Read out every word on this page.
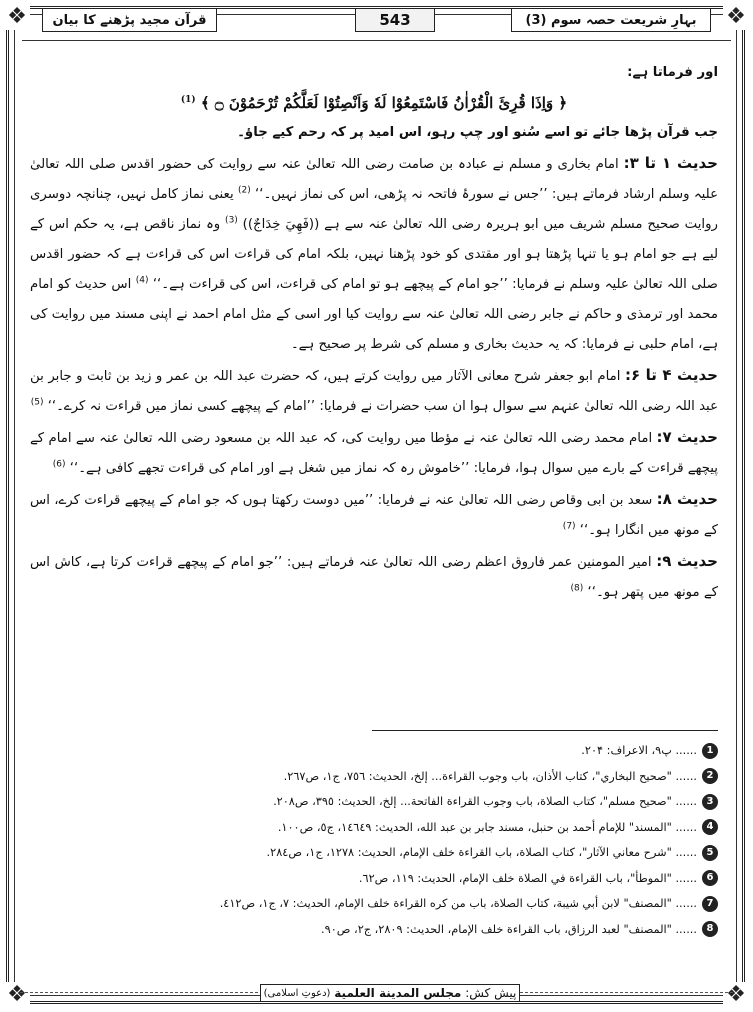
❖	❖
❖	❖
بہارِ شریعت حصہ سوم (3)
543
قرآن مجید پڑھنے کا بیان

اور فرماتا ہے:

﴿ وَاِذَا قُرِئَ الْقُرْاٰنُ فَاسْتَمِعُوْا لَهٗ وَاَنْصِتُوْا لَعَلَّكُمْ تُرْحَمُوْنَ ۝ ﴾ $^{(1)}$

جب قرآن پڑھا جائے تو اسے سُنو اور چپ رہو، اس امید پر کہ رحم کیے جاؤ۔

حدیث ۱ تا ۳: امام بخاری و مسلم نے عبادہ بن صامت رضی اللہ تعالیٰ عنہ سے روایت کی حضور اقدس صلی اللہ تعالیٰ علیہ وسلم ارشاد فرماتے ہیں: ’’جس نے سورۂ فاتحہ نہ پڑھی، اس کی نماز نہیں۔‘‘ $^{(2)}$ یعنی نماز کامل نہیں، چنانچہ دوسری روایت صحیح مسلم شریف میں ابو ہریرہ رضی اللہ تعالیٰ عنہ سے ہے ((فَھِيَ خِدَاجٌ)) $^{(3)}$ وہ نماز ناقص ہے، یہ حکم اس کے لیے ہے جو امام ہو یا تنہا پڑھتا ہو اور مقتدی کو خود پڑھنا نہیں، بلکہ امام کی قراءت اس کی قراءت ہے کہ حضور اقدس صلی اللہ تعالیٰ علیہ وسلم نے فرمایا: ’’جو امام کے پیچھے ہو تو امام کی قراءت، اس کی قراءت ہے۔‘‘ $^{(4)}$ اس حدیث کو امام محمد اور ترمذی و حاکم نے جابر رضی اللہ تعالیٰ عنہ سے روایت کیا اور اسی کے مثل امام احمد نے اپنی مسند میں روایت کی ہے، امام حلبی نے فرمایا: کہ یہ حدیث بخاری و مسلم کی شرط پر صحیح ہے۔

حدیث ۴ تا ۶: امام ابو جعفر شرح معانی الآثار میں روایت کرتے ہیں، کہ حضرت عبد اللہ بن عمر و زید بن ثابت و جابر بن عبد اللہ رضی اللہ تعالیٰ عنہم سے سوال ہوا ان سب حضرات نے فرمایا: ’’امام کے پیچھے کسی نماز میں قراءت نہ کرے۔‘‘ $^{(5)}$

حدیث ۷: امام محمد رضی اللہ تعالیٰ عنہ نے مؤطا میں روایت کی، کہ عبد اللہ بن مسعود رضی اللہ تعالیٰ عنہ سے امام کے پیچھے قراءت کے بارے میں سوال ہوا، فرمایا: ’’خاموش رہ کہ نماز میں شغل ہے اور امام کی قراءت تجھے کافی ہے۔‘‘ $^{(6)}$

حدیث ۸: سعد بن ابی وقاص رضی اللہ تعالیٰ عنہ نے فرمایا: ’’میں دوست رکھتا ہوں کہ جو امام کے پیچھے قراءت کرے، اس کے مونھ میں انگارا ہو۔‘‘ $^{(7)}$

حدیث ۹: امیر المومنین عمر فاروق اعظم رضی اللہ تعالیٰ عنہ فرماتے ہیں: ’’جو امام کے پیچھے قراءت کرتا ہے، کاش اس کے مونھ میں پتھر ہو۔‘‘ $^{(8)}$

1
...... پ۹، الاعراف: ۲۰۴.
2
...... "صحيح البخاري"، كتاب الأذان، باب وجوب القراءة... إلخ، الحديث: ٧٥٦، ج١، ص٢٦٧.
3
...... "صحيح مسلم"، كتاب الصلاة، باب وجوب القراءة الفاتحة... إلخ، الحديث: ٣٩٥، ص٢٠٨.
4
...... "المسند" للإمام أحمد بن حنبل، مسند جابر بن عبد الله، الحديث: ١٤٦٤٩، ج٥، ص١٠٠.
5
...... "شرح معاني الآثار"، كتاب الصلاة، باب القراءة خلف الإمام، الحديث: ١٢٧٨، ج١، ص٢٨٤.
6
...... "الموطأ"، باب القراءة في الصلاة خلف الإمام، الحديث: ١١٩، ص٦٢.
7
...... "المصنف" لابن أبي شيبة، كتاب الصلاة، باب من كره القراءة خلف الإمام، الحديث: ٧، ج١، ص٤١٢.
8
...... "المصنف" لعبد الرزاق، باب القراءة خلف الإمام، الحديث: ٢٨٠٩، ج٢، ص٩٠.
پیش کش:

مجلس المدينة العلمية

(دعوتِ اسلامی)
